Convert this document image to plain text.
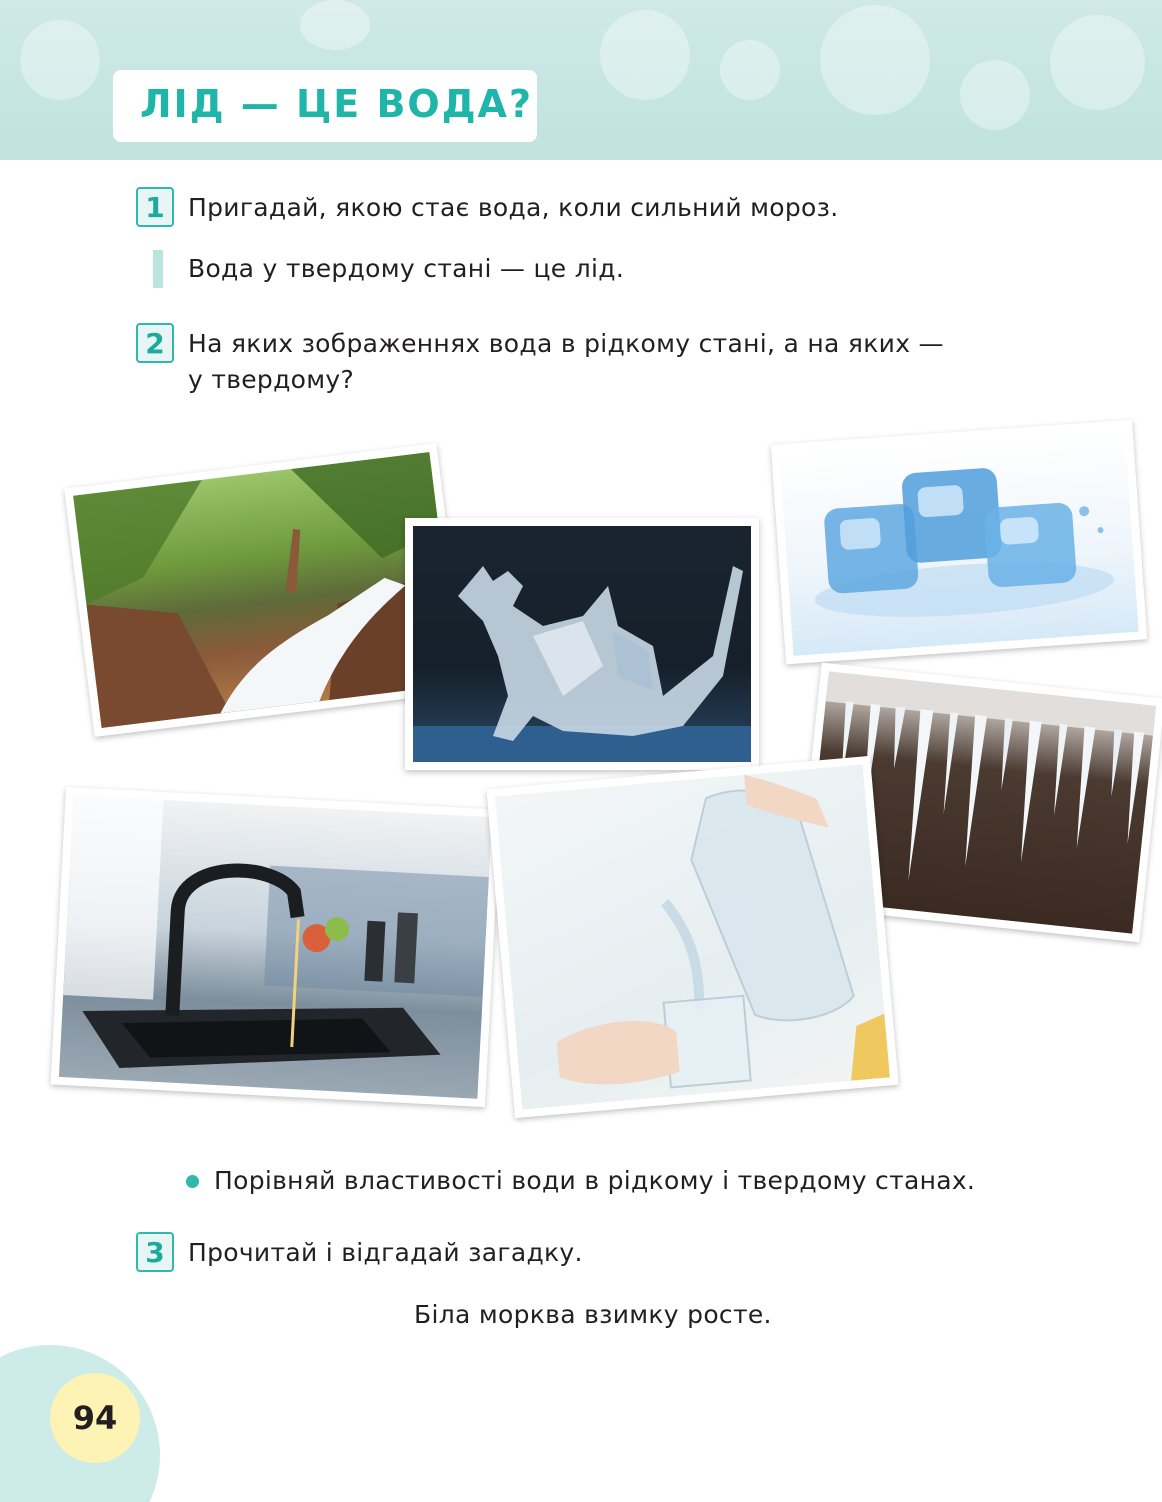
ЛІД — ЦЕ ВОДА?
1 Пригадай, якою стає вода, коли сильний мороз.
Вода у твердому стані — це лід.
2 На яких зображеннях вода в рідкому стані, а на яких —
у твердому?
Порівняй властивості води в рідкому і твердому станах.
3 Прочитай і відгадай загадку.
Біла морква взимку росте.
94
